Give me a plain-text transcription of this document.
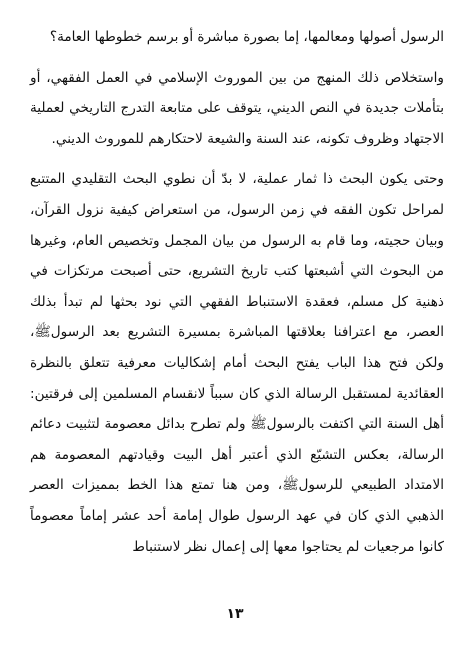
الرسول أصولها ومعالمها، إما بصورة مباشرة أو برسم خطوطها العامة؟

واستخلاص ذلك المنهج من بين الموروث الإسلامي في العمل الفقهي، أو بتأملات جديدة في النص الديني، يتوقف على متابعة التدرج التاريخي لعملية الاجتهاد وظروف تكونه، عند السنة والشيعة لاحتكارهم للموروث الديني.

وحتى يكون البحث ذا ثمار عملية، لا بدّ أن نطوي البحث التقليدي المتتبع لمراحل تكون الفقه في زمن الرسول، من استعراض كيفية نزول القرآن، وبيان حجيته، وما قام به الرسول من بيان المجمل وتخصيص العام، وغيرها من البحوث التي أشبعتها كتب تاريخ التشريع، حتى أصبحت مرتكزات في ذهنية كل مسلم، فعقدة الاستنباط الفقهي التي نود بحثها لم تبدأ بذلك العصر، مع اعترافنا بعلاقتها المباشرة بمسيرة التشريع بعد الرسولﷺ، ولكن فتح هذا الباب يفتح البحث أمام إشكاليات معرفية تتعلق بالنظرة العقائدية لمستقبل الرسالة الذي كان سبباً لانقسام المسلمين إلى فرقتين: أهل السنة التي اكتفت بالرسولﷺ ولم تطرح بدائل معصومة لتثبيت دعائم الرسالة، بعكس التشيّع الذي أعتبر أهل البيت وقيادتهم المعصومة هم الامتداد الطبيعي للرسولﷺ، ومن هنا تمتع هذا الخط بمميزات العصر الذهبي الذي كان في عهد الرسول طوال إمامة أحد عشر إماماً معصوماً كانوا مرجعيات لم يحتاجوا معها إلى إعمال نظر لاستنباط

١٣
